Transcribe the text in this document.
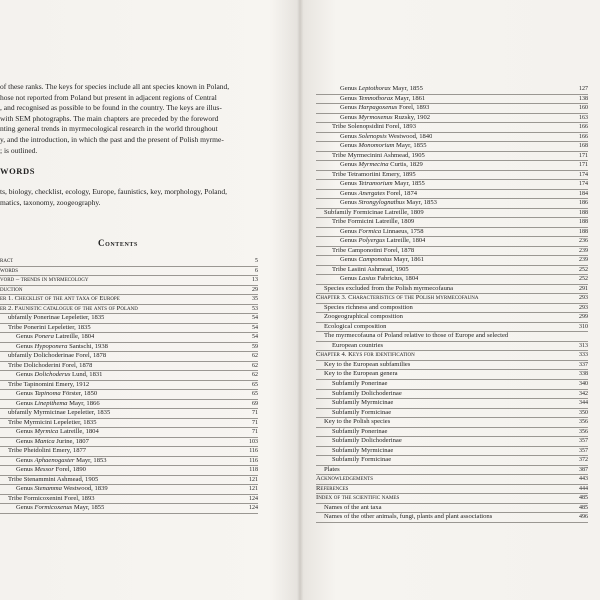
of these ranks. The keys for species include all ant species known in Poland,
hose not reported from Poland but present in adjacent regions of Central
, and recognised as possible to be found in the country. The keys are illus-
with SEM photographs. The main chapters are preceded by the foreword
nting general trends in myrmecological research in the world throughout
y, and the introduction, in which the past and the present of Polish myrme-
; is outlined.
WORDS
ts, biology, checklist, ecology, Europe, faunistics, key, morphology, Poland,
matics, taxonomy, zoogeography.
Contents
ract	5
words	6
vord – trends in myrmecology	13
duction	29
er 1. Checklist of the ant taxa of Europe	35
er 2. Faunistic catalogue of the ants of Poland	53
ubfamily Ponerinae Lepeletier, 1835	54
Tribe Ponerini Lepeletier, 1835	54
Genus Ponera Latreille, 1804	54
Genus Hypoponera Santschi, 1938	59
ubfamily Dolichoderinae Forel, 1878	62
Tribe Dolichoderini Forel, 1878	62
Genus Dolichoderus Lund, 1831	62
Tribe Tapinomini Emery, 1912	65
Genus Tapinoma Förster, 1850	65
Genus Linepithema Mayr, 1866	69
ubfamily Myrmicinae Lepeletier, 1835	71
Tribe Myrmicini Lepeletier, 1835	71
Genus Myrmica Latreille, 1804	71
Genus Manica Jurine, 1807	103
Tribe Pheidolini Emery, 1877	116
Genus Aphaenogaster Mayr, 1853	116
Genus Messor Forel, 1890	118
Tribe Stenammini Ashmead, 1905	121
Genus Stenamma Westwood, 1839	121
Tribe Formicoxenini Forel, 1893	124
Genus Formicoxenus Mayr, 1855	124
Genus Leptothorax Mayr, 1855	127
Genus Temnothorax Mayr, 1861	138
Genus Harpagoxenus Forel, 1893	160
Genus Myrmoxenus Ruzsky, 1902	163
Tribe Solenopsidini Forel, 1893	166
Genus Solenopsis Westwood, 1840	166
Genus Monomorium Mayr, 1855	168
Tribe Myrmecinini Ashmead, 1905	171
Genus Myrmecina Curtis, 1829	171
Tribe Tetramoriini Emery, 1895	174
Genus Tetramorium Mayr, 1855	174
Genus Anergates Forel, 1874	184
Genus Strongylognathus Mayr, 1853	186
Subfamily Formicinae Latreille, 1809	188
Tribe Formicini Latreille, 1809	188
Genus Formica Linnaeus, 1758	188
Genus Polyergus Latreille, 1804	236
Tribe Camponotini Forel, 1878	239
Genus Camponotus Mayr, 1861	239
Tribe Lasiini Ashmead, 1905	252
Genus Lasius Fabricius, 1804	252
Species excluded from the Polish myrmecofauna	291
Chapter 3. Characteristics of the Polish myrmecofauna	293
Species richness and composition	293
Zoogeographical composition	299
Ecological composition	310
The myrmecofauna of Poland relative to those of Europe and selected
European countries	313
Chapter 4. Keys for identification	333
Key to the European subfamilies	337
Key to the European genera	338
Subfamily Ponerinae	340
Subfamily Dolichoderinae	342
Subfamily Myrmicinae	344
Subfamily Formicinae	350
Key to the Polish species	356
Subfamily Ponerinae	356
Subfamily Dolichoderinae	357
Subfamily Myrmicinae	357
Subfamily Formicinae	372
Plates	387
Acknowledgements	443
References	444
Index of the scientific names	485
Names of the ant taxa	485
Names of the other animals, fungi, plants and plant associations	496
